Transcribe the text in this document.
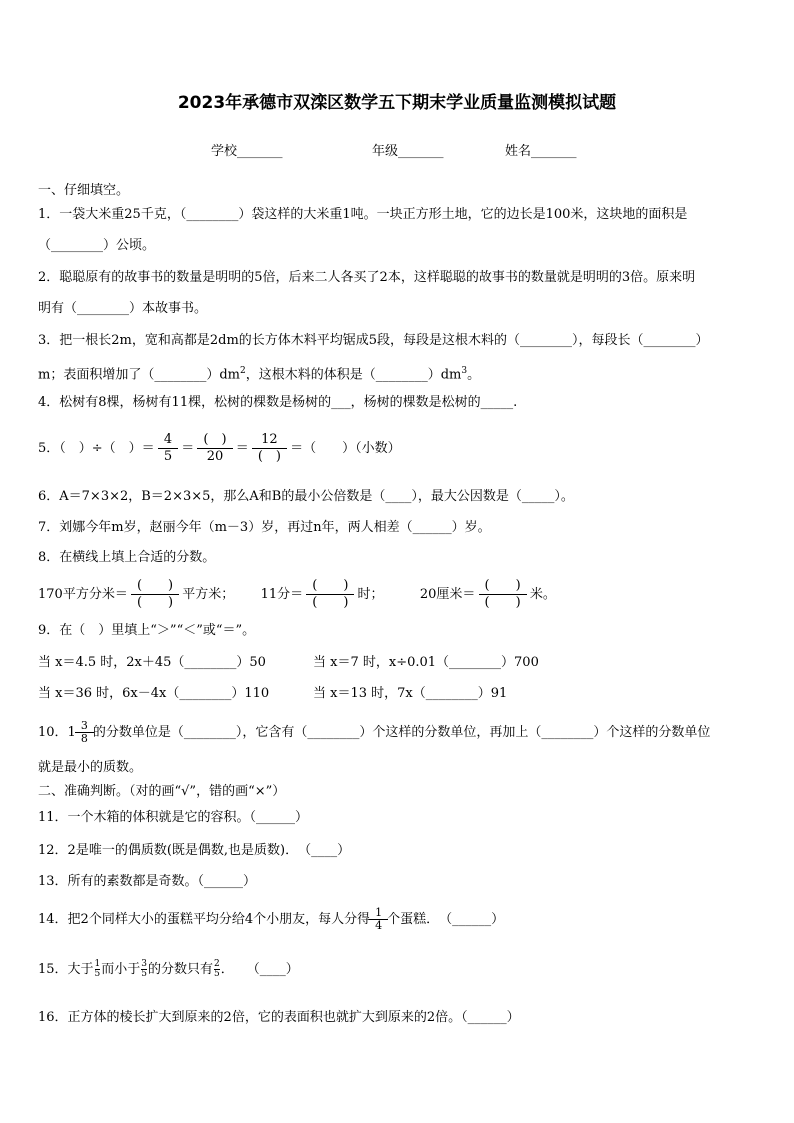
2023年承德市双滦区数学五下期末学业质量监测模拟试题
学校_______	年级_______	姓名_______
一、仔细填空。
1．一袋大米重25千克，（________）袋这样的大米重1吨。一块正方形土地，它的边长是100米，这块地的面积是
（________）公顷。
2．聪聪原有的故事书的数量是明明的5倍，后来二人各买了2本，这样聪聪的故事书的数量就是明明的3倍。原来明
明有（________）本故事书。
3．把一根长2m，宽和高都是2dm的长方体木料平均锯成5段，每段是这根木料的（________），每段长（________）
m；表面积增加了$(\_\_\_\_\_\_\_\_)dm^2$，这根木料的体积是$(\_\_\_\_\_\_\_\_)dm^3$。
4．松树有8棵，杨树有11棵，松树的棵数是杨树的___，杨树的棵数是松树的_____.
5．（　）÷（　）＝ $\frac{4}{5} = \frac{( )}{20} = \frac{12}{( )}$ ＝（　　）（小数）
6．A＝7×3×2，B＝2×3×5，那么A和B的最小公倍数是（____），最大公因数是（_____）。
7．刘娜今年m岁，赵丽今年（m－3）岁，再过n年，两人相差（______）岁。
8．在横线上填上合适的分数。
170平方分米＝ $\frac{( )}{( )}$ 平方米； 11分＝ $\frac{( )}{( )}$ 时；	20厘米＝ $\frac{( )}{( )}$ 米。
9．在（　）里填上“＞”“＜”或“＝”。
当 x＝4.5 时，2x＋45（________）50	当 x＝7 时，x÷0.01（________）700
当 x＝36 时，6x－4x（________）110	当 x＝13 时，7x（________）91
10．$1 \frac{3}{8}$ 的分数单位是（________），它含有（________）个这样的分数单位，再加上（________）个这样的分数单位
就是最小的质数。
二、准确判断。（对的画“√”，错的画“×”）
11．一个木箱的体积就是它的容积。（______）
12．2是唯一的偶质数(既是偶数,也是质数)．　（____）
13．所有的素数都是奇数。（______）
14．把2个同样大小的蛋糕平均分给4个小朋友，每人分得 $\frac{1}{4}$ 个蛋糕．　（______）
15．大于 $\frac{1}{5}$ 而小于 $\frac{3}{5}$ 的分数只有 $\frac{2}{5}$ ．　　（____）
16．正方体的棱长扩大到原来的2倍，它的表面积也就扩大到原来的2倍。（______）
